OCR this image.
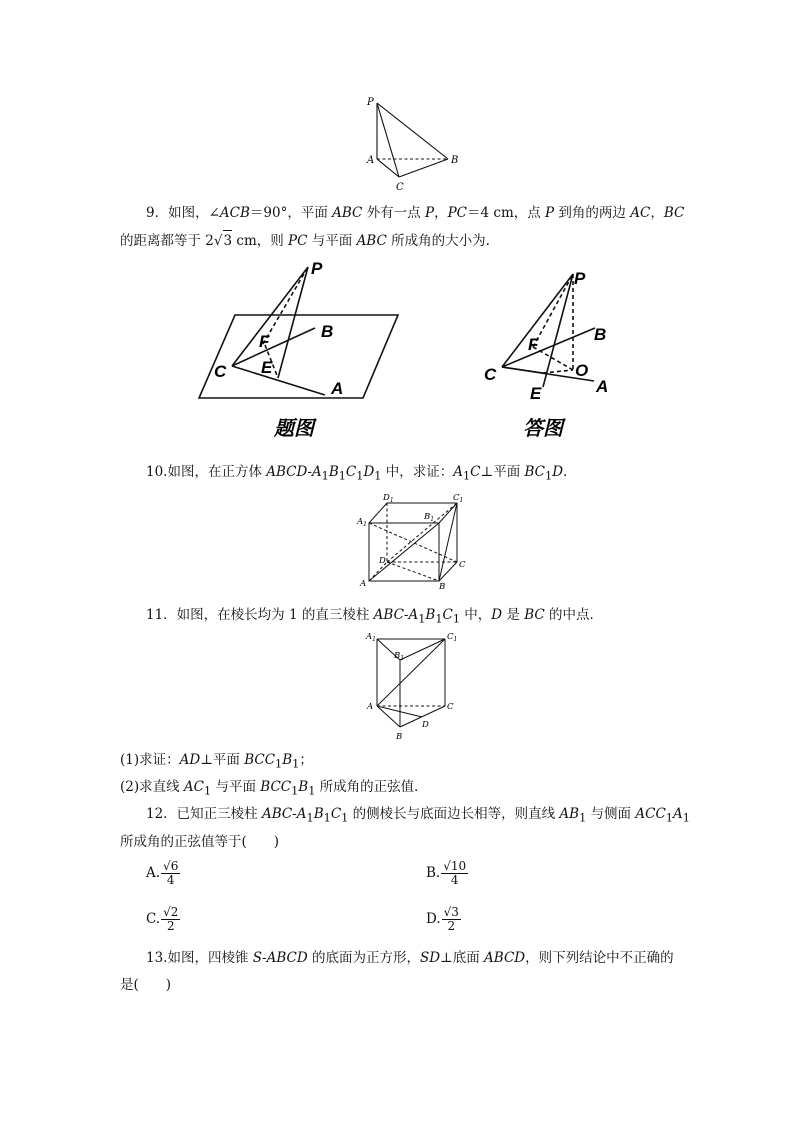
P
A	B
C
9．如图，∠ACB＝90°，平面 ABC 外有一点 P，PC＝4 cm，点 P 到角的两边 AC，BC
的距离都等于 2√3 cm，则 PC 与平面 ABC 所成角的大小为.
P
B
F
C E
A
题图
P
B
F
O
C
E	A
答图
10.如图，在正方体 ABCD-$A_1B_1C_1D_1$ 中，求证：$A_1C\perp$平面 $BC_1D$.
$D_1$	$C_1$
$A_1$
$B_1$
D	C
A	B
11．如图，在棱长均为 1 的直三棱柱 ABC-$A_1B_1C_1$ 中，D 是 BC 的中点．
$A_1$	$C_1$
$B_1$
A	C
D
B
(1)求证：AD⊥平面 $BCC_1B_1$；
(2)求直线 $AC_1$ 与平面 $BCC_1B_1$ 所成角的正弦值．
12．已知正三棱柱 ABC-$A_1B_1C_1$ 的侧棱长与底面边长相等，则直线 $AB_1$ 与侧面 $ACC_1A_1$
所成角的正弦值等于(　　)
A. $\frac{√6}{4}$	B. $\frac{√10}{4}$
C. $\frac{√2}{2}$	D. $\frac{√3}{2}$
13.如图，四棱锥 S-ABCD 的底面为正方形，SD⊥底面 ABCD，则下列结论中不正确的
是(　　)
